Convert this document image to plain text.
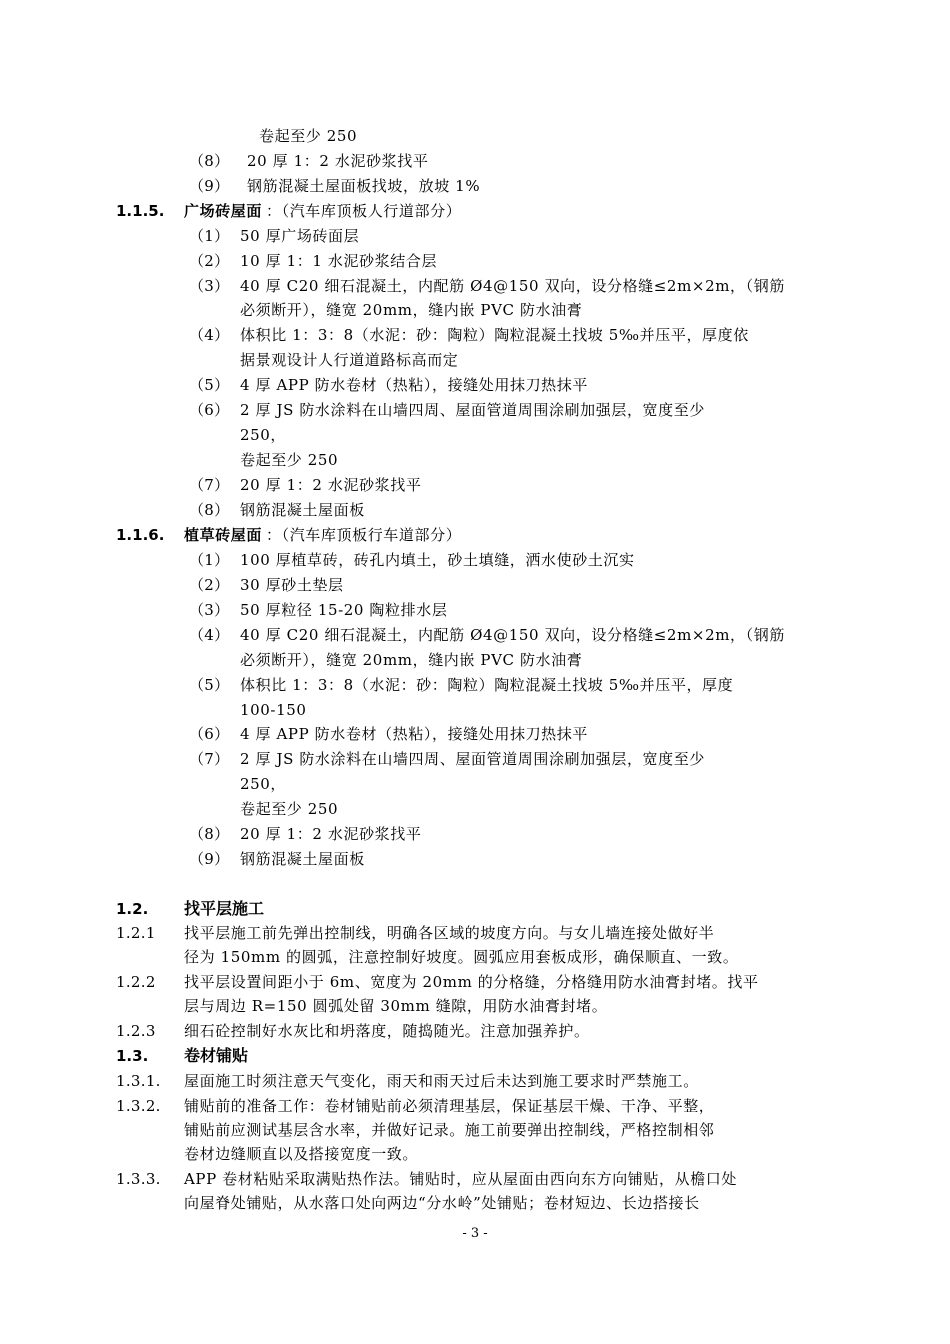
卷起至少 250
（8） 20 厚 1：2 水泥砂浆找平
（9） 钢筋混凝土屋面板找坡，放坡 1%
1.1.5. 广场砖屋面 ：（汽车库顶板人行道部分）
（1） 50 厚广场砖面层
（2） 10 厚 1：1 水泥砂浆结合层
（3） 40 厚 C20 细石混凝土，内配筋 Ø4@150 双向，设分格缝≤2m×2m，（钢筋
必须断开），缝宽 20mm，缝内嵌 PVC 防水油膏
（4） 体积比 1：3：8（水泥：砂：陶粒）陶粒混凝土找坡 5‰并压平，厚度依
据景观设计人行道道路标高而定
（5） 4 厚 APP 防水卷材（热粘），接缝处用抹刀热抹平
（6） 2 厚 JS 防水涂料在山墙四周、屋面管道周围涂刷加强层，宽度至少
250，
卷起至少 250
（7） 20 厚 1：2 水泥砂浆找平
（8） 钢筋混凝土屋面板
1.1.6. 植草砖屋面 ：（汽车库顶板行车道部分）
（1） 100 厚植草砖，砖孔内填土，砂土填缝，洒水使砂土沉实
（2） 30 厚砂土垫层
（3） 50 厚粒径 15-20 陶粒排水层
（4） 40 厚 C20 细石混凝土，内配筋 Ø4@150 双向，设分格缝≤2m×2m，（钢筋
必须断开），缝宽 20mm，缝内嵌 PVC 防水油膏
（5） 体积比 1：3：8（水泥：砂：陶粒）陶粒混凝土找坡 5‰并压平，厚度
100-150
（6） 4 厚 APP 防水卷材（热粘），接缝处用抹刀热抹平
（7） 2 厚 JS 防水涂料在山墙四周、屋面管道周围涂刷加强层，宽度至少
250，
卷起至少 250
（8） 20 厚 1：2 水泥砂浆找平
（9） 钢筋混凝土屋面板
1.2. 找平层施工
1.2.1 找平层施工前先弹出控制线，明确各区域的坡度方向。与女儿墙连接处做好半
径为 150mm 的圆弧，注意控制好坡度。圆弧应用套板成形，确保顺直、一致。
1.2.2 找平层设置间距小于 6m、宽度为 20mm 的分格缝，分格缝用防水油膏封堵。找平
层与周边 R=150 圆弧处留 30mm 缝隙，用防水油膏封堵。
1.2.3 细石砼控制好水灰比和坍落度，随捣随光。注意加强养护。
1.3. 卷材铺贴
1.3.1. 屋面施工时须注意天气变化，雨天和雨天过后未达到施工要求时严禁施工。
1.3.2. 铺贴前的准备工作：卷材铺贴前必须清理基层，保证基层干燥、干净、平整，
铺贴前应测试基层含水率，并做好记录。施工前要弹出控制线，严格控制相邻
卷材边缝顺直以及搭接宽度一致。
1.3.3. APP 卷材粘贴采取满贴热作法。铺贴时，应从屋面由西向东方向铺贴，从檐口处
向屋脊处铺贴，从水落口处向两边“分水岭”处铺贴；卷材短边、长边搭接长
- 3 -
